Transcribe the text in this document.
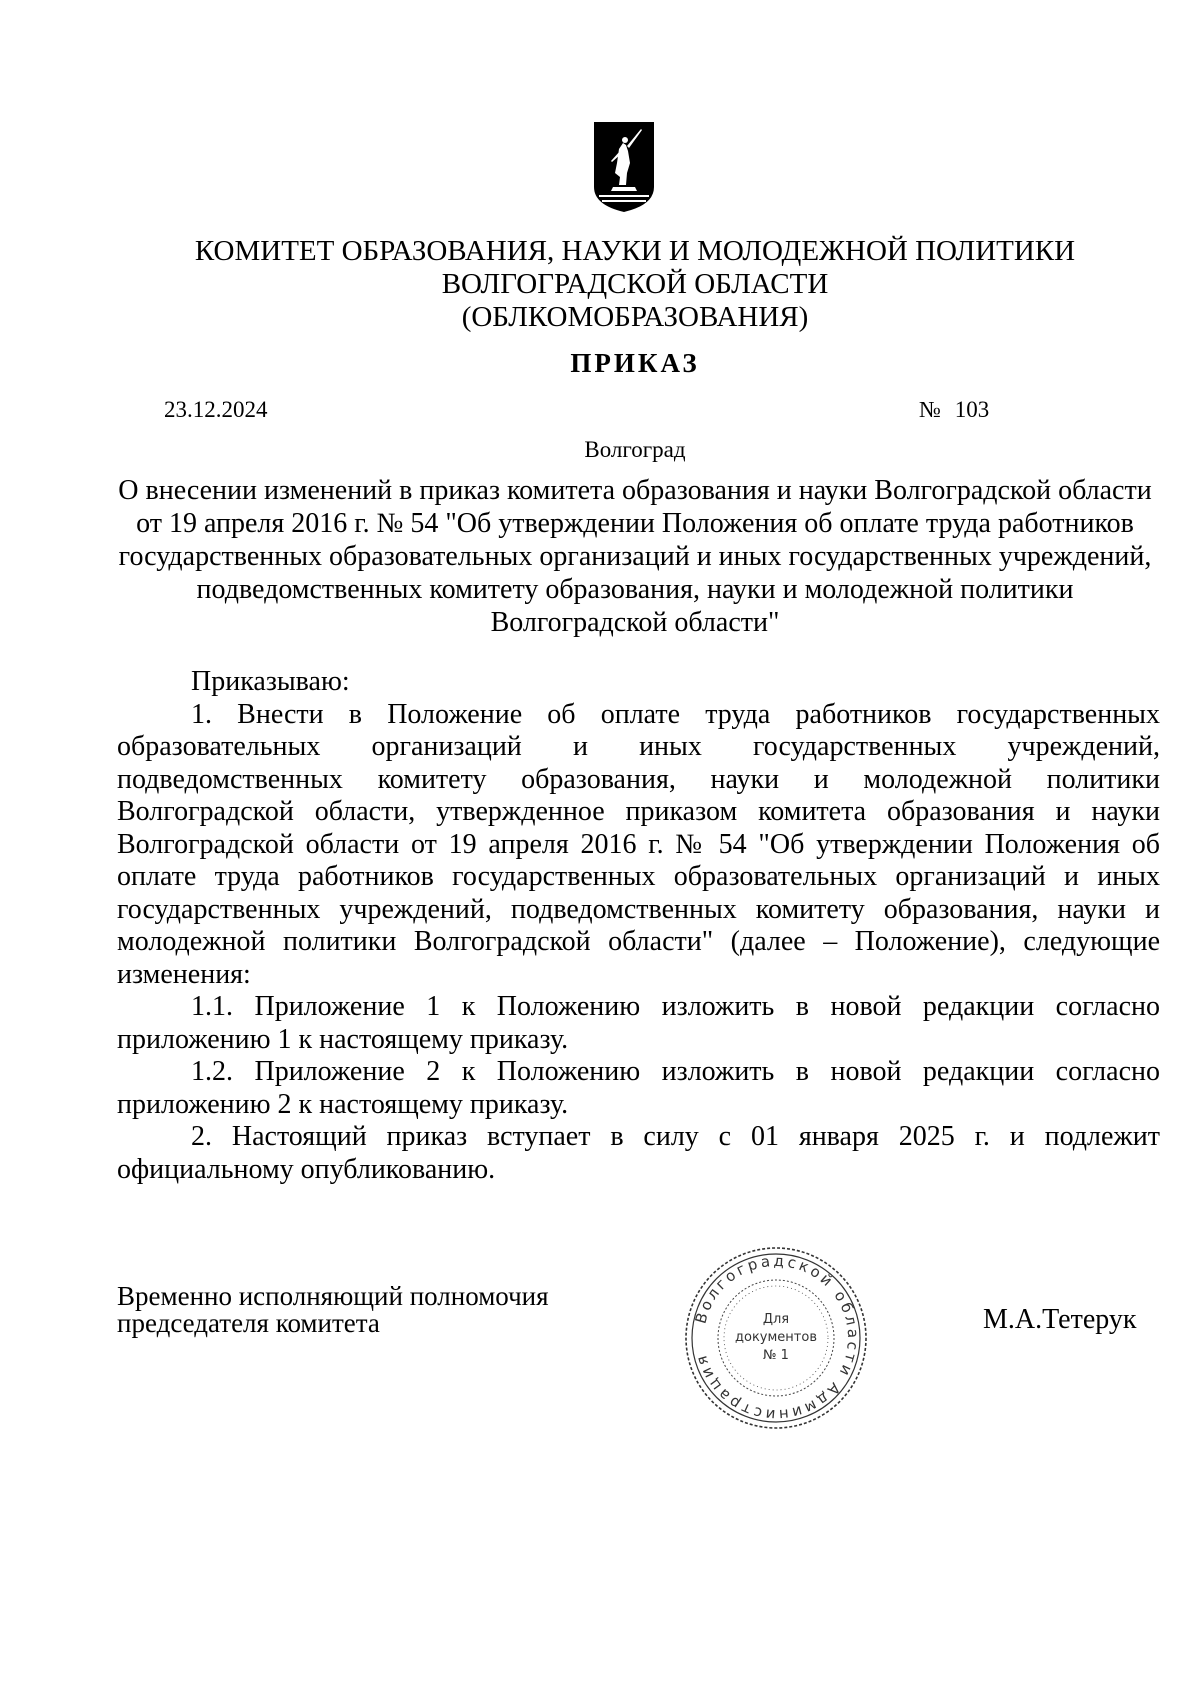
КОМИТЕТ ОБРАЗОВАНИЯ, НАУКИ И МОЛОДЕЖНОЙ ПОЛИТИКИ
ВОЛГОГРАДСКОЙ ОБЛАСТИ
(ОБЛКОМОБРАЗОВАНИЯ)
ПРИКАЗ
23.12.2024	№ 103
Волгоград
О внесении изменений в приказ комитета образования и науки Волгоградской области от 19 апреля 2016 г. № 54 "Об утверждении Положения об оплате труда работников государственных образовательных организаций и иных государственных учреждений, подведомственных комитету образования, науки и молодежной политики Волгоградской области"

Приказываю:

1. Внести в Положение об оплате труда работников государственных образовательных организаций и иных государственных учреждений, подведомственных комитету образования, науки и молодежной политики Волгоградской области, утвержденное приказом комитета образования и науки Волгоградской области от 19 апреля 2016 г. № 54 "Об утверждении Положения об оплате труда работников государственных образовательных организаций и иных государственных учреждений, подведомственных комитету образования, науки и молодежной политики Волгоградской области" (далее – Положение), следующие изменения:

1.1. Приложение 1 к Положению изложить в новой редакции согласно приложению 1 к настоящему приказу.

1.2. Приложение 2 к Положению изложить в новой редакции согласно приложению 2 к настоящему приказу.

2. Настоящий приказ вступает в силу с 01 января 2025 г. и подлежит официальному опубликованию.

Временно исполняющий полномочия
председателя комитета	М.А.Тетерук
Волгоградской области Администрация
Для
документов
№ 1
